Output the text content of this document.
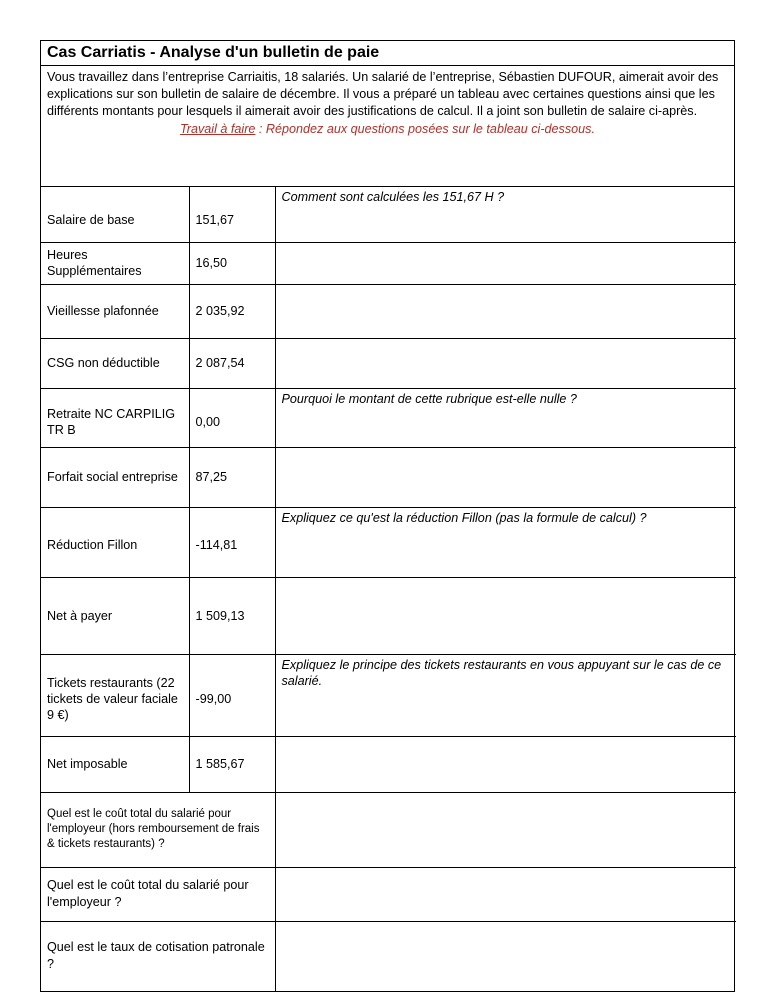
Cas Carriatis - Analyse d'un bulletin de paie
Vous travaillez dans l’entreprise Carriaitis, 18 salariés. Un salarié de l’entreprise, Sébastien DUFOUR, aimerait avoir des explications sur son bulletin de salaire de décembre. Il vous a préparé un tableau avec certaines questions ainsi que les différents montants pour lesquels il aimerait avoir des justifications de calcul. Il a joint son bulletin de salaire ci-après.
Travail à faire : Répondez aux questions posées sur le tableau ci-dessous.
Salaire de base	151,67	Comment sont calculées les 151,67 H ?
Heures Supplémentaires	16,50	
Vieillesse plafonnée	2 035,92	
CSG non déductible	2 087,54	
Retraite NC CARPILIG TR B	0,00	Pourquoi le montant de cette rubrique est-elle nulle ?
Forfait social entreprise	87,25	
Réduction Fillon	-114,81	Expliquez ce qu'est la réduction Fillon (pas la formule de calcul) ?
Net à payer	1 509,13	
Tickets restaurants (22 tickets de valeur faciale 9 €)	-99,00	Expliquez le principe des tickets restaurants en vous appuyant sur le cas de ce salarié.
Net imposable	1 585,67	
Quel est le coût total du salarié pour l'employeur (hors remboursement de frais & tickets restaurants) ?		
Quel est le coût total du salarié pour l'employeur ?		
Quel est le taux de cotisation patronale ?		
